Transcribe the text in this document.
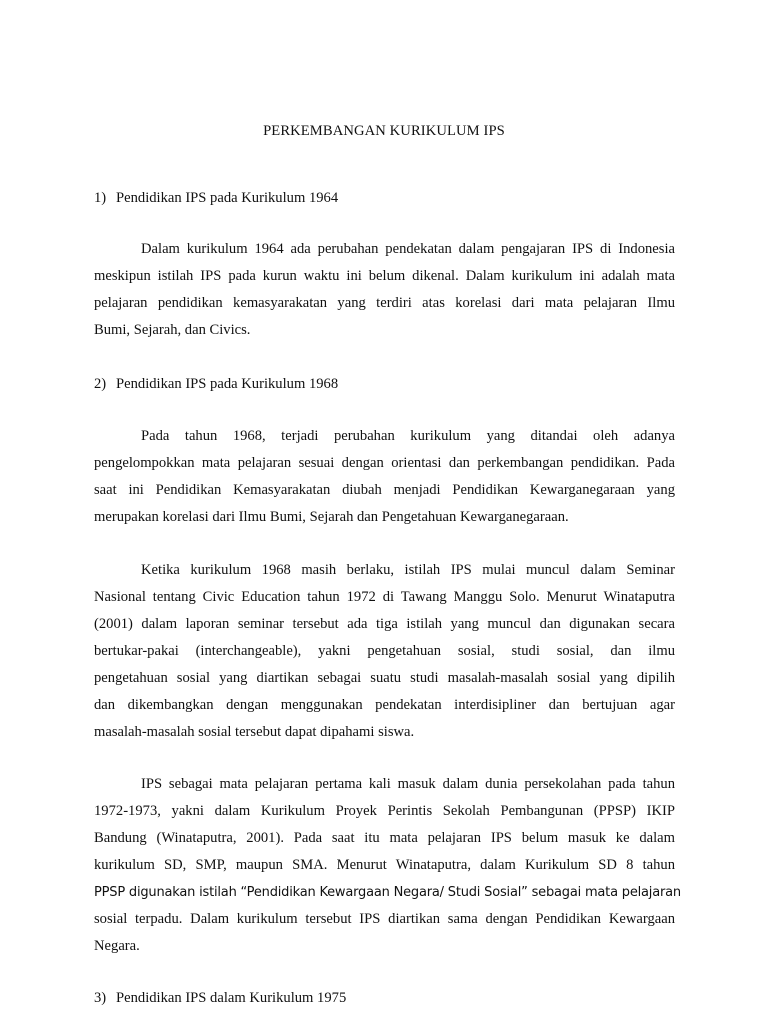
PERKEMBANGAN KURIKULUM IPS
1) Pendidikan IPS pada Kurikulum 1964
Dalam kurikulum 1964 ada perubahan pendekatan dalam pengajaran IPS di Indonesia
meskipun istilah IPS pada kurun waktu ini belum dikenal. Dalam kurikulum ini adalah mata
pelajaran pendidikan kemasyarakatan yang terdiri atas korelasi dari mata pelajaran Ilmu
Bumi, Sejarah, dan Civics.
2) Pendidikan IPS pada Kurikulum 1968
Pada tahun 1968, terjadi perubahan kurikulum yang ditandai oleh adanya
pengelompokkan mata pelajaran sesuai dengan orientasi dan perkembangan pendidikan. Pada
saat ini Pendidikan Kemasyarakatan diubah menjadi Pendidikan Kewarganegaraan yang
merupakan korelasi dari Ilmu Bumi, Sejarah dan Pengetahuan Kewarganegaraan.
Ketika kurikulum 1968 masih berlaku, istilah IPS mulai muncul dalam Seminar
Nasional tentang Civic Education tahun 1972 di Tawang Manggu Solo. Menurut Winataputra
(2001) dalam laporan seminar tersebut ada tiga istilah yang muncul dan digunakan secara
bertukar-pakai (interchangeable), yakni pengetahuan sosial, studi sosial, dan ilmu
pengetahuan sosial yang diartikan sebagai suatu studi masalah-masalah sosial yang dipilih
dan dikembangkan dengan menggunakan pendekatan interdisipliner dan bertujuan agar
masalah-masalah sosial tersebut dapat dipahami siswa.
IPS sebagai mata pelajaran pertama kali masuk dalam dunia persekolahan pada tahun
1972-1973, yakni dalam Kurikulum Proyek Perintis Sekolah Pembangunan (PPSP) IKIP
Bandung (Winataputra, 2001). Pada saat itu mata pelajaran IPS belum masuk ke dalam
kurikulum SD, SMP, maupun SMA. Menurut Winataputra, dalam Kurikulum SD 8 tahun
PPSP digunakan istilah “Pendidikan Kewargaan Negara/ Studi Sosial” sebagai mata pelajaran
sosial terpadu. Dalam kurikulum tersebut IPS diartikan sama dengan Pendidikan Kewargaan
Negara.
3) Pendidikan IPS dalam Kurikulum 1975
